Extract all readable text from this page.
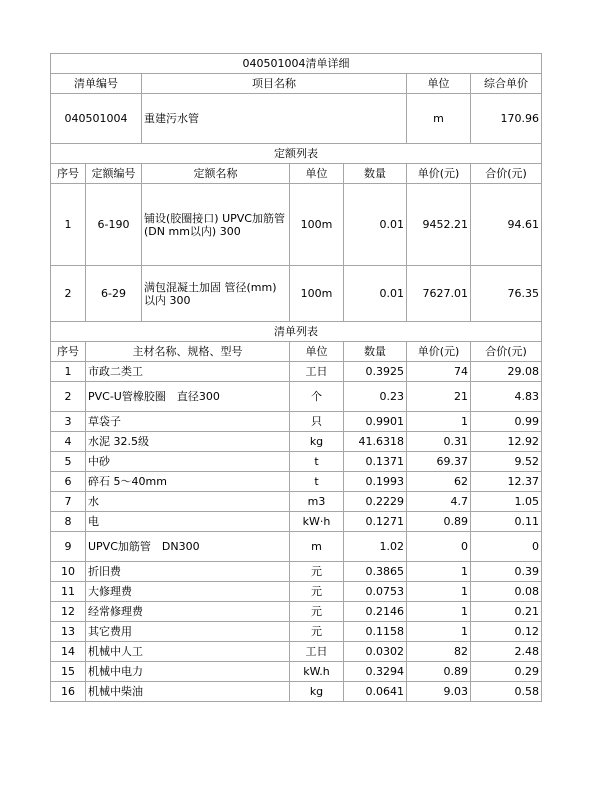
040501004清单详细						
清单编号		项目名称			单位	综合单价
040501004		重建污水管			m	170.96
定额列表						
序号	定额编号	定额名称	单位	数量	单价(元)	合价(元)
1	6-190	铺设(胶圈接口) UPVC加筋管(DN mm以内) 300	100m	0.01	9452.21	94.61
2	6-29	满包混凝土加固 管径(mm)以内 300	100m	0.01	7627.01	76.35
清单列表						
序号	主材名称、规格、型号		单位	数量	单价(元)	合价(元)
1	市政二类工		工日	0.3925	74	29.08
2	PVC-U管橡胶圈　直径300		个	0.23	21	4.83
3	草袋子		只	0.9901	1	0.99
4	水泥 32.5级		kg	41.6318	0.31	12.92
5	中砂		t	0.1371	69.37	9.52
6	碎石 5～40mm		t	0.1993	62	12.37
7	水		m3	0.2229	4.7	1.05
8	电		kW·h	0.1271	0.89	0.11
9	UPVC加筋管　DN300		m	1.02	0	0
10	折旧费		元	0.3865	1	0.39
11	大修理费		元	0.0753	1	0.08
12	经常修理费		元	0.2146	1	0.21
13	其它费用		元	0.1158	1	0.12
14	机械中人工		工日	0.0302	82	2.48
15	机械中电力		kW.h	0.3294	0.89	0.29
16	机械中柴油		kg	0.0641	9.03	0.58
